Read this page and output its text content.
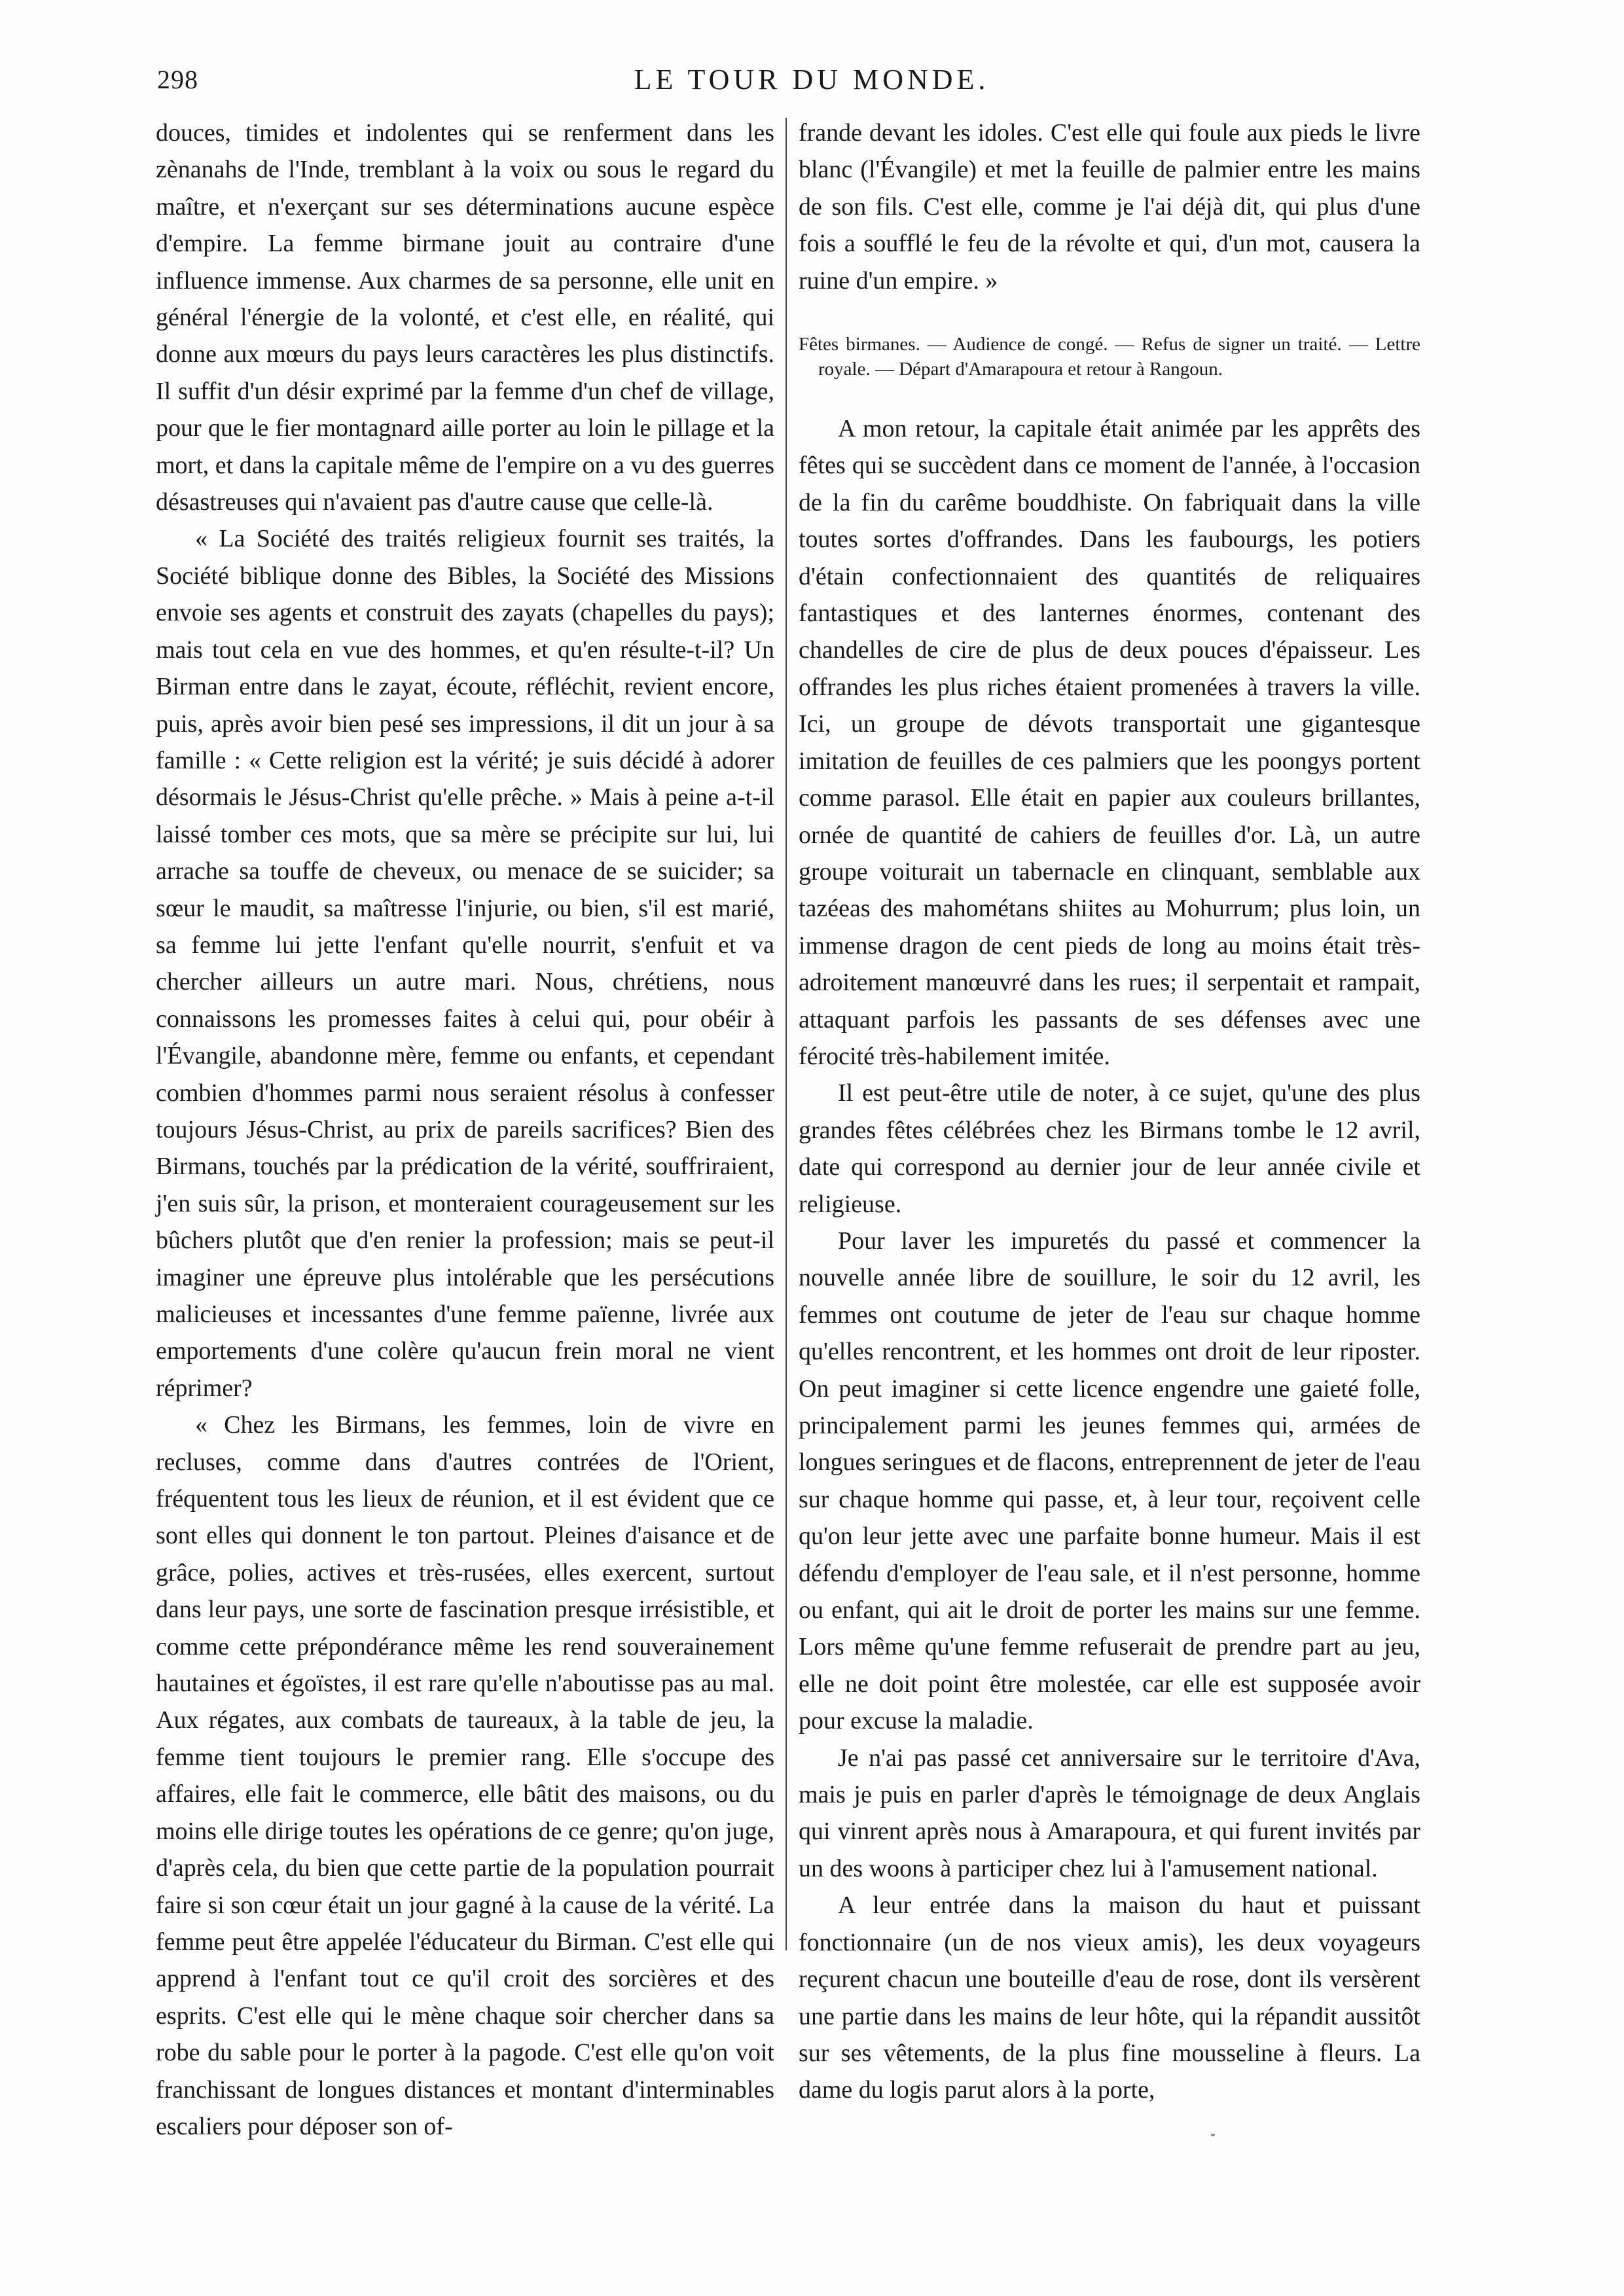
298	LE TOUR DU MONDE.

douces, timides et indolentes qui se renferment dans les zènanahs de l'Inde, tremblant à la voix ou sous le regard du maître, et n'exerçant sur ses déterminations aucune espèce d'empire. La femme birmane jouit au contraire d'une influence immense. Aux charmes de sa personne, elle unit en général l'énergie de la volonté, et c'est elle, en réalité, qui donne aux mœurs du pays leurs caractères les plus distinctifs. Il suffit d'un désir exprimé par la femme d'un chef de village, pour que le fier montagnard aille porter au loin le pillage et la mort, et dans la capitale même de l'empire on a vu des guerres désastreuses qui n'avaient pas d'autre cause que celle-là.

« La Société des traités religieux fournit ses traités, la Société biblique donne des Bibles, la Société des Missions envoie ses agents et construit des zayats (chapelles du pays); mais tout cela en vue des hommes, et qu'en résulte-t-il? Un Birman entre dans le zayat, écoute, réfléchit, revient encore, puis, après avoir bien pesé ses impressions, il dit un jour à sa famille : « Cette religion est la vérité; je suis décidé à adorer désormais le Jésus-Christ qu'elle prêche. » Mais à peine a-t-il laissé tomber ces mots, que sa mère se précipite sur lui, lui arrache sa touffe de cheveux, ou menace de se suicider; sa sœur le maudit, sa maîtresse l'injurie, ou bien, s'il est marié, sa femme lui jette l'enfant qu'elle nourrit, s'enfuit et va chercher ailleurs un autre mari. Nous, chrétiens, nous connaissons les promesses faites à celui qui, pour obéir à l'Évangile, abandonne mère, femme ou enfants, et cependant combien d'hommes parmi nous seraient résolus à confesser toujours Jésus-Christ, au prix de pareils sacrifices? Bien des Birmans, touchés par la prédication de la vérité, souffriraient, j'en suis sûr, la prison, et monteraient courageusement sur les bûchers plutôt que d'en renier la profession; mais se peut-il imaginer une épreuve plus intolérable que les persécutions malicieuses et incessantes d'une femme païenne, livrée aux emportements d'une colère qu'aucun frein moral ne vient réprimer?

« Chez les Birmans, les femmes, loin de vivre en recluses, comme dans d'autres contrées de l'Orient, fréquentent tous les lieux de réunion, et il est évident que ce sont elles qui donnent le ton partout. Pleines d'aisance et de grâce, polies, actives et très-rusées, elles exercent, surtout dans leur pays, une sorte de fascination presque irrésistible, et comme cette prépondérance même les rend souverainement hautaines et égoïstes, il est rare qu'elle n'aboutisse pas au mal. Aux régates, aux combats de taureaux, à la table de jeu, la femme tient toujours le premier rang. Elle s'occupe des affaires, elle fait le commerce, elle bâtit des maisons, ou du moins elle dirige toutes les opérations de ce genre; qu'on juge, d'après cela, du bien que cette partie de la population pourrait faire si son cœur était un jour gagné à la cause de la vérité. La femme peut être appelée l'éducateur du Birman. C'est elle qui apprend à l'enfant tout ce qu'il croit des sorcières et des esprits. C'est elle qui le mène chaque soir chercher dans sa robe du sable pour le porter à la pagode. C'est elle qu'on voit franchissant de longues distances et montant d'interminables escaliers pour déposer son of-

frande devant les idoles. C'est elle qui foule aux pieds le livre blanc (l'Évangile) et met la feuille de palmier entre les mains de son fils. C'est elle, comme je l'ai déjà dit, qui plus d'une fois a soufflé le feu de la révolte et qui, d'un mot, causera la ruine d'un empire. »

Fêtes birmanes. — Audience de congé. — Refus de signer un traité. — Lettre royale. — Départ d'Amarapoura et retour à Rangoun.

A mon retour, la capitale était animée par les apprêts des fêtes qui se succèdent dans ce moment de l'année, à l'occasion de la fin du carême bouddhiste. On fabriquait dans la ville toutes sortes d'offrandes. Dans les faubourgs, les potiers d'étain confectionnaient des quantités de reliquaires fantastiques et des lanternes énormes, contenant des chandelles de cire de plus de deux pouces d'épaisseur. Les offrandes les plus riches étaient promenées à travers la ville. Ici, un groupe de dévots transportait une gigantesque imitation de feuilles de ces palmiers que les poongys portent comme parasol. Elle était en papier aux couleurs brillantes, ornée de quantité de cahiers de feuilles d'or. Là, un autre groupe voiturait un tabernacle en clinquant, semblable aux tazéeas des mahométans shiites au Mohurrum; plus loin, un immense dragon de cent pieds de long au moins était très-adroitement manœuvré dans les rues; il serpentait et rampait, attaquant parfois les passants de ses défenses avec une férocité très-habilement imitée.

Il est peut-être utile de noter, à ce sujet, qu'une des plus grandes fêtes célébrées chez les Birmans tombe le 12 avril, date qui correspond au dernier jour de leur année civile et religieuse.

Pour laver les impuretés du passé et commencer la nouvelle année libre de souillure, le soir du 12 avril, les femmes ont coutume de jeter de l'eau sur chaque homme qu'elles rencontrent, et les hommes ont droit de leur riposter. On peut imaginer si cette licence engendre une gaieté folle, principalement parmi les jeunes femmes qui, armées de longues seringues et de flacons, entreprennent de jeter de l'eau sur chaque homme qui passe, et, à leur tour, reçoivent celle qu'on leur jette avec une parfaite bonne humeur. Mais il est défendu d'employer de l'eau sale, et il n'est personne, homme ou enfant, qui ait le droit de porter les mains sur une femme. Lors même qu'une femme refuserait de prendre part au jeu, elle ne doit point être molestée, car elle est supposée avoir pour excuse la maladie.

Je n'ai pas passé cet anniversaire sur le territoire d'Ava, mais je puis en parler d'après le témoignage de deux Anglais qui vinrent après nous à Amarapoura, et qui furent invités par un des woons à participer chez lui à l'amusement national.

A leur entrée dans la maison du haut et puissant fonctionnaire (un de nos vieux amis), les deux voyageurs reçurent chacun une bouteille d'eau de rose, dont ils versèrent une partie dans les mains de leur hôte, qui la répandit aussitôt sur ses vêtements, de la plus fine mousseline à fleurs. La dame du logis parut alors à la porte,
